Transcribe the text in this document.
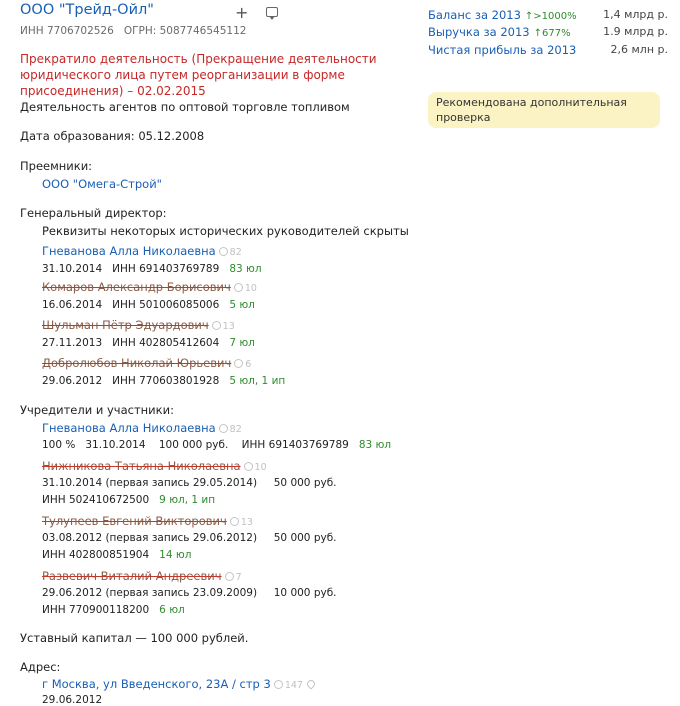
ООО "Трейд-Ойл"	+
ИНН 7706702526 ОГРН: 5087746545112
Прекратило деятельность (Прекращение деятельности юридического лица путем реорганизации в форме присоединения) – 02.02.2015
Деятельность агентов по оптовой торговле топливом
Дата образования: 05.12.2008
Преемники:
ООО "Омега-Строй"
Генеральный директор:
Реквизиты некоторых исторических руководителей скрыты
Гневанова Алла Николаевна 82
31.10.2014 ИНН 691403769789 83 юл
Комаров Александр Борисович 10
16.06.2014 ИНН 501006085006 5 юл
Шульман Пётр Эдуардович 13
27.11.2013 ИНН 402805412604 7 юл
Добролюбов Николай Юрьевич 6
29.06.2012 ИНН 770603801928 5 юл, 1 ип
Учредители и участники:
Гневанова Алла Николаевна 82
100 % 31.10.2014 100 000 руб. ИНН 691403769789 83 юл
Нижникова Татьяна Николаевна 10
31.10.2014 (первая запись 29.05.2014) 50 000 руб.
ИНН 502410672500 9 юл, 1 ип
Тулупеев Евгений Викторович 13
03.08.2012 (первая запись 29.06.2012) 50 000 руб.
ИНН 402800851904 14 юл
Развевич Виталий Андреевич 7
29.06.2012 (первая запись 23.09.2009) 10 000 руб.
ИНН 770900118200 6 юл
Уставный капитал — 100 000 рублей.
Адрес:
г Москва, ул Введенского, 23А / стр 3 147
29.06.2012
Баланс за 2013 ↑>1000% 1,4 млрд р.
Выручка за 2013 ↑677%	1.9 млрд р.
Чистая прибыль за 2013	2,6 млн р.
Рекомендована дополнительная проверка
